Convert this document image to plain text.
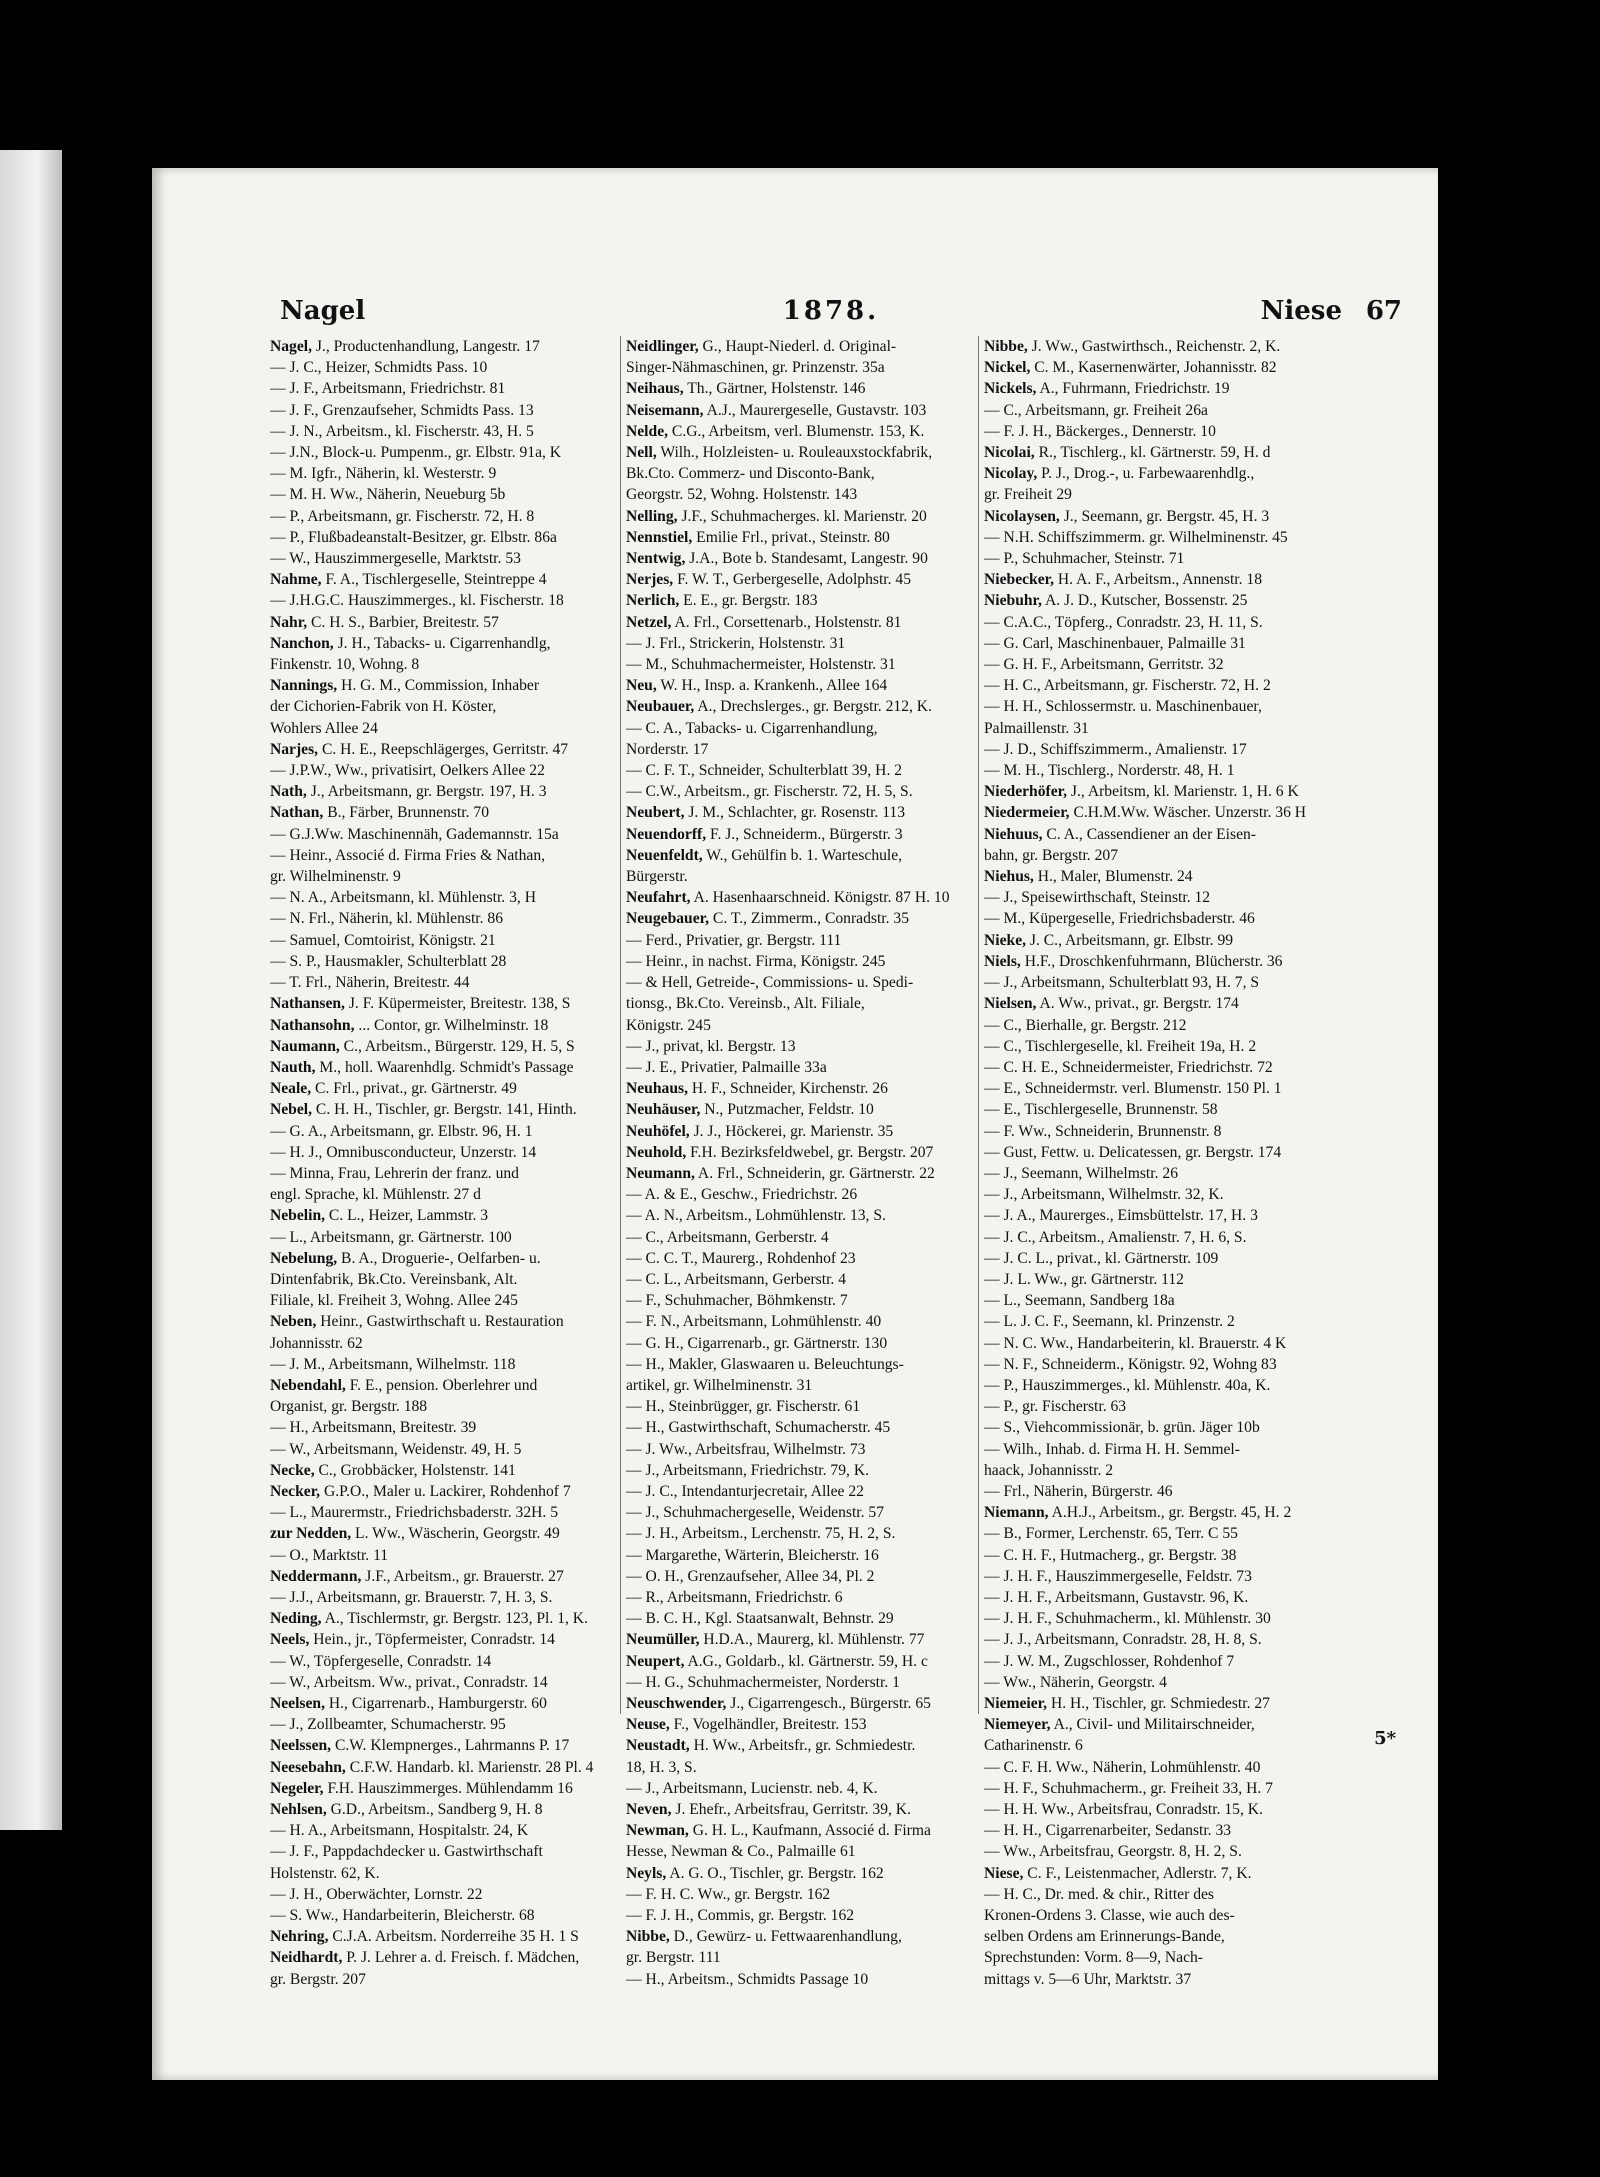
Nagel	1878.	Niese 67
Nagel, J., Productenhandlung, Langestr. 17
— J. C., Heizer, Schmidts Pass. 10
— J. F., Arbeitsmann, Friedrichstr. 81
— J. F., Grenzaufseher, Schmidts Pass. 13
— J. N., Arbeitsm., kl. Fischerstr. 43, H. 5
— J.N., Block-u. Pumpenm., gr. Elbstr. 91a, K
— M. Igfr., Näherin, kl. Westerstr. 9
— M. H. Ww., Näherin, Neueburg 5b
— P., Arbeitsmann, gr. Fischerstr. 72, H. 8
— P., Flußbadeanstalt-Besitzer, gr. Elbstr. 86a
— W., Hauszimmergeselle, Marktstr. 53
Nahme, F. A., Tischlergeselle, Steintreppe 4
— J.H.G.C. Hauszimmerges., kl. Fischerstr. 18
Nahr, C. H. S., Barbier, Breitestr. 57
Nanchon, J. H., Tabacks- u. Cigarrenhandlg,
Finkenstr. 10, Wohng. 8
Nannings, H. G. M., Commission, Inhaber
der Cichorien-Fabrik von H. Köster,
Wohlers Allee 24
Narjes, C. H. E., Reepschlägerges, Gerritstr. 47
— J.P.W., Ww., privatisirt, Oelkers Allee 22
Nath, J., Arbeitsmann, gr. Bergstr. 197, H. 3
Nathan, B., Färber, Brunnenstr. 70
— G.J.Ww. Maschinennäh, Gademannstr. 15a
— Heinr., Associé d. Firma Fries & Nathan,
gr. Wilhelminenstr. 9
— N. A., Arbeitsmann, kl. Mühlenstr. 3, H
— N. Frl., Näherin, kl. Mühlenstr. 86
— Samuel, Comtoirist, Königstr. 21
— S. P., Hausmakler, Schulterblatt 28
— T. Frl., Näherin, Breitestr. 44
Nathansen, J. F. Küpermeister, Breitestr. 138, S
Nathansohn, ... Contor, gr. Wilhelminstr. 18
Naumann, C., Arbeitsm., Bürgerstr. 129, H. 5, S
Nauth, M., holl. Waarenhdlg. Schmidt's Passage
Neale, C. Frl., privat., gr. Gärtnerstr. 49
Nebel, C. H. H., Tischler, gr. Bergstr. 141, Hinth.
— G. A., Arbeitsmann, gr. Elbstr. 96, H. 1
— H. J., Omnibusconducteur, Unzerstr. 14
— Minna, Frau, Lehrerin der franz. und
engl. Sprache, kl. Mühlenstr. 27 d
Nebelin, C. L., Heizer, Lammstr. 3
— L., Arbeitsmann, gr. Gärtnerstr. 100
Nebelung, B. A., Droguerie-, Oelfarben- u.
Dintenfabrik, Bk.Cto. Vereinsbank, Alt.
Filiale, kl. Freiheit 3, Wohng. Allee 245
Neben, Heinr., Gastwirthschaft u. Restauration
Johannisstr. 62
— J. M., Arbeitsmann, Wilhelmstr. 118
Nebendahl, F. E., pension. Oberlehrer und
Organist, gr. Bergstr. 188
— H., Arbeitsmann, Breitestr. 39
— W., Arbeitsmann, Weidenstr. 49, H. 5
Necke, C., Grobbäcker, Holstenstr. 141
Necker, G.P.O., Maler u. Lackirer, Rohdenhof 7
— L., Maurermstr., Friedrichsbaderstr. 32H. 5
zur Nedden, L. Ww., Wäscherin, Georgstr. 49
— O., Marktstr. 11
Neddermann, J.F., Arbeitsm., gr. Brauerstr. 27
— J.J., Arbeitsmann, gr. Brauerstr. 7, H. 3, S.
Neding, A., Tischlermstr, gr. Bergstr. 123, Pl. 1, K.
Neels, Hein., jr., Töpfermeister, Conradstr. 14
— W., Töpfergeselle, Conradstr. 14
— W., Arbeitsm. Ww., privat., Conradstr. 14
Neelsen, H., Cigarrenarb., Hamburgerstr. 60
— J., Zollbeamter, Schumacherstr. 95
Neelssen, C.W. Klempnerges., Lahrmanns P. 17
Neesebahn, C.F.W. Handarb. kl. Marienstr. 28 Pl. 4
Negeler, F.H. Hauszimmerges. Mühlendamm 16
Nehlsen, G.D., Arbeitsm., Sandberg 9, H. 8
— H. A., Arbeitsmann, Hospitalstr. 24, K
— J. F., Pappdachdecker u. Gastwirthschaft
Holstenstr. 62, K.
— J. H., Oberwächter, Lornstr. 22
— S. Ww., Handarbeiterin, Bleicherstr. 68
Nehring, C.J.A. Arbeitsm. Norderreihe 35 H. 1 S
Neidhardt, P. J. Lehrer a. d. Freisch. f. Mädchen,
gr. Bergstr. 207
Neidlinger, G., Haupt-Niederl. d. Original-
Singer-Nähmaschinen, gr. Prinzenstr. 35a
Neihaus, Th., Gärtner, Holstenstr. 146
Neisemann, A.J., Maurergeselle, Gustavstr. 103
Nelde, C.G., Arbeitsm, verl. Blumenstr. 153, K.
Nell, Wilh., Holzleisten- u. Rouleauxstockfabrik,
Bk.Cto. Commerz- und Disconto-Bank,
Georgstr. 52, Wohng. Holstenstr. 143
Nelling, J.F., Schuhmacherges. kl. Marienstr. 20
Nennstiel, Emilie Frl., privat., Steinstr. 80
Nentwig, J.A., Bote b. Standesamt, Langestr. 90
Nerjes, F. W. T., Gerbergeselle, Adolphstr. 45
Nerlich, E. E., gr. Bergstr. 183
Netzel, A. Frl., Corsettenarb., Holstenstr. 81
— J. Frl., Strickerin, Holstenstr. 31
— M., Schuhmachermeister, Holstenstr. 31
Neu, W. H., Insp. a. Krankenh., Allee 164
Neubauer, A., Drechslerges., gr. Bergstr. 212, K.
— C. A., Tabacks- u. Cigarrenhandlung,
Norderstr. 17
— C. F. T., Schneider, Schulterblatt 39, H. 2
— C.W., Arbeitsm., gr. Fischerstr. 72, H. 5, S.
Neubert, J. M., Schlachter, gr. Rosenstr. 113
Neuendorff, F. J., Schneiderm., Bürgerstr. 3
Neuenfeldt, W., Gehülfin b. 1. Warteschule,
Bürgerstr.
Neufahrt, A. Hasenhaarschneid. Königstr. 87 H. 10
Neugebauer, C. T., Zimmerm., Conradstr. 35
— Ferd., Privatier, gr. Bergstr. 111
— Heinr., in nachst. Firma, Königstr. 245
— & Hell, Getreide-, Commissions- u. Spedi-
tionsg., Bk.Cto. Vereinsb., Alt. Filiale,
Königstr. 245
— J., privat, kl. Bergstr. 13
— J. E., Privatier, Palmaille 33a
Neuhaus, H. F., Schneider, Kirchenstr. 26
Neuhäuser, N., Putzmacher, Feldstr. 10
Neuhöfel, J. J., Höckerei, gr. Marienstr. 35
Neuhold, F.H. Bezirksfeldwebel, gr. Bergstr. 207
Neumann, A. Frl., Schneiderin, gr. Gärtnerstr. 22
— A. & E., Geschw., Friedrichstr. 26
— A. N., Arbeitsm., Lohmühlenstr. 13, S.
— C., Arbeitsmann, Gerberstr. 4
— C. C. T., Maurerg., Rohdenhof 23
— C. L., Arbeitsmann, Gerberstr. 4
— F., Schuhmacher, Böhmkenstr. 7
— F. N., Arbeitsmann, Lohmühlenstr. 40
— G. H., Cigarrenarb., gr. Gärtnerstr. 130
— H., Makler, Glaswaaren u. Beleuchtungs-
artikel, gr. Wilhelminenstr. 31
— H., Steinbrügger, gr. Fischerstr. 61
— H., Gastwirthschaft, Schumacherstr. 45
— J. Ww., Arbeitsfrau, Wilhelmstr. 73
— J., Arbeitsmann, Friedrichstr. 79, K.
— J. C., Intendanturjecretair, Allee 22
— J., Schuhmachergeselle, Weidenstr. 57
— J. H., Arbeitsm., Lerchenstr. 75, H. 2, S.
— Margarethe, Wärterin, Bleicherstr. 16
— O. H., Grenzaufseher, Allee 34, Pl. 2
— R., Arbeitsmann, Friedrichstr. 6
— B. C. H., Kgl. Staatsanwalt, Behnstr. 29
Neumüller, H.D.A., Maurerg, kl. Mühlenstr. 77
Neupert, A.G., Goldarb., kl. Gärtnerstr. 59, H. c
— H. G., Schuhmachermeister, Norderstr. 1
Neuschwender, J., Cigarrengesch., Bürgerstr. 65
Neuse, F., Vogelhändler, Breitestr. 153
Neustadt, H. Ww., Arbeitsfr., gr. Schmiedestr.
18, H. 3, S.
— J., Arbeitsmann, Lucienstr. neb. 4, K.
Neven, J. Ehefr., Arbeitsfrau, Gerritstr. 39, K.
Newman, G. H. L., Kaufmann, Associé d. Firma
Hesse, Newman & Co., Palmaille 61
Neyls, A. G. O., Tischler, gr. Bergstr. 162
— F. H. C. Ww., gr. Bergstr. 162
— F. J. H., Commis, gr. Bergstr. 162
Nibbe, D., Gewürz- u. Fettwaarenhandlung,
gr. Bergstr. 111
— H., Arbeitsm., Schmidts Passage 10
Nibbe, J. Ww., Gastwirthsch., Reichenstr. 2, K.
Nickel, C. M., Kasernenwärter, Johannisstr. 82
Nickels, A., Fuhrmann, Friedrichstr. 19
— C., Arbeitsmann, gr. Freiheit 26a
— F. J. H., Bäckerges., Dennerstr. 10
Nicolai, R., Tischlerg., kl. Gärtnerstr. 59, H. d
Nicolay, P. J., Drog.-, u. Farbewaarenhdlg.,
gr. Freiheit 29
Nicolaysen, J., Seemann, gr. Bergstr. 45, H. 3
— N.H. Schiffszimmerm. gr. Wilhelminenstr. 45
— P., Schuhmacher, Steinstr. 71
Niebecker, H. A. F., Arbeitsm., Annenstr. 18
Niebuhr, A. J. D., Kutscher, Bossenstr. 25
— C.A.C., Töpferg., Conradstr. 23, H. 11, S.
— G. Carl, Maschinenbauer, Palmaille 31
— G. H. F., Arbeitsmann, Gerritstr. 32
— H. C., Arbeitsmann, gr. Fischerstr. 72, H. 2
— H. H., Schlossermstr. u. Maschinenbauer,
Palmaillenstr. 31
— J. D., Schiffszimmerm., Amalienstr. 17
— M. H., Tischlerg., Norderstr. 48, H. 1
Niederhöfer, J., Arbeitsm, kl. Marienstr. 1, H. 6 K
Niedermeier, C.H.M.Ww. Wäscher. Unzerstr. 36 H
Niehuus, C. A., Cassendiener an der Eisen-
bahn, gr. Bergstr. 207
Niehus, H., Maler, Blumenstr. 24
— J., Speisewirthschaft, Steinstr. 12
— M., Küpergeselle, Friedrichsbaderstr. 46
Nieke, J. C., Arbeitsmann, gr. Elbstr. 99
Niels, H.F., Droschkenfuhrmann, Blücherstr. 36
— J., Arbeitsmann, Schulterblatt 93, H. 7, S
Nielsen, A. Ww., privat., gr. Bergstr. 174
— C., Bierhalle, gr. Bergstr. 212
— C., Tischlergeselle, kl. Freiheit 19a, H. 2
— C. H. E., Schneidermeister, Friedrichstr. 72
— E., Schneidermstr. verl. Blumenstr. 150 Pl. 1
— E., Tischlergeselle, Brunnenstr. 58
— F. Ww., Schneiderin, Brunnenstr. 8
— Gust, Fettw. u. Delicatessen, gr. Bergstr. 174
— J., Seemann, Wilhelmstr. 26
— J., Arbeitsmann, Wilhelmstr. 32, K.
— J. A., Maurerges., Eimsbüttelstr. 17, H. 3
— J. C., Arbeitsm., Amalienstr. 7, H. 6, S.
— J. C. L., privat., kl. Gärtnerstr. 109
— J. L. Ww., gr. Gärtnerstr. 112
— L., Seemann, Sandberg 18a
— L. J. C. F., Seemann, kl. Prinzenstr. 2
— N. C. Ww., Handarbeiterin, kl. Brauerstr. 4 K
— N. F., Schneiderm., Königstr. 92, Wohng 83
— P., Hauszimmerges., kl. Mühlenstr. 40a, K.
— P., gr. Fischerstr. 63
— S., Viehcommissionär, b. grün. Jäger 10b
— Wilh., Inhab. d. Firma H. H. Semmel-
haack, Johannisstr. 2
— Frl., Näherin, Bürgerstr. 46
Niemann, A.H.J., Arbeitsm., gr. Bergstr. 45, H. 2
— B., Former, Lerchenstr. 65, Terr. C 55
— C. H. F., Hutmacherg., gr. Bergstr. 38
— J. H. F., Hauszimmergeselle, Feldstr. 73
— J. H. F., Arbeitsmann, Gustavstr. 96, K.
— J. H. F., Schuhmacherm., kl. Mühlenstr. 30
— J. J., Arbeitsmann, Conradstr. 28, H. 8, S.
— J. W. M., Zugschlosser, Rohdenhof 7
— Ww., Näherin, Georgstr. 4
Niemeier, H. H., Tischler, gr. Schmiedestr. 27
Niemeyer, A., Civil- und Militairschneider,
Catharinenstr. 6
— C. F. H. Ww., Näherin, Lohmühlenstr. 40
— H. F., Schuhmacherm., gr. Freiheit 33, H. 7
— H. H. Ww., Arbeitsfrau, Conradstr. 15, K.
— H. H., Cigarrenarbeiter, Sedanstr. 33
— Ww., Arbeitsfrau, Georgstr. 8, H. 2, S.
Niese, C. F., Leistenmacher, Adlerstr. 7, K.
— H. C., Dr. med. & chir., Ritter des
Kronen-Ordens 3. Classe, wie auch des-
selben Ordens am Erinnerungs-Bande,
Sprechstunden: Vorm. 8—9, Nach-
mittags v. 5—6 Uhr, Marktstr. 37
5*
